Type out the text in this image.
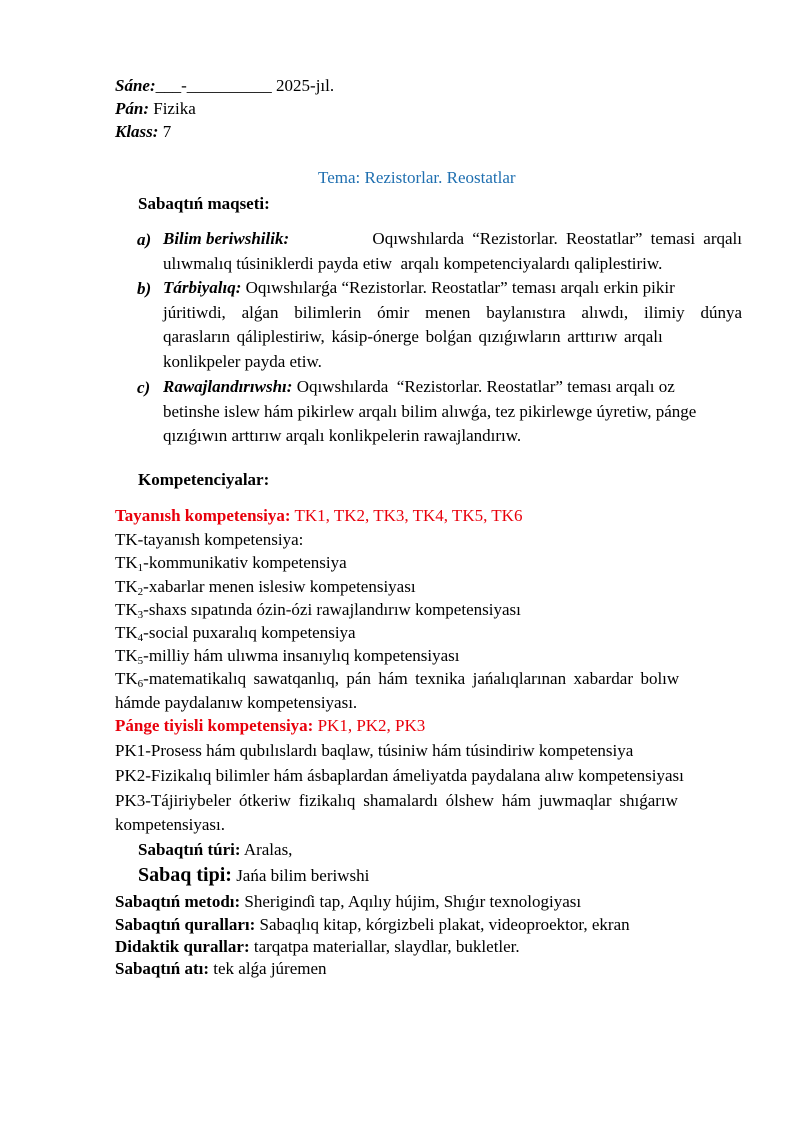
Sáne:___-__________ 2025-jıl.
Pán: Fizika
Klass: 7
Tema: Rezistorlar. Reostatlar
Sabaqtıń maqseti:
a) Bilim beriwshilik:	Oqıwshılarda “Rezistorlar. Reostatlar” temasi arqalı
ulıwmalıq túsiniklerdi payda etiw  arqalı kompetenciyalardı qaliplestiriw.
b) Tárbiyalıq: Oqıwshılarǵa “Rezistorlar. Reostatlar” teması arqalı erkin pikir
júritiwdi, alǵan bilimlerin ómir menen baylanıstıra alıwdı, ilimiy dúnya
qarasların qáliplestiriw, kásip-ónerge bolǵan qızıǵıwların arttırıw arqalı
konlikpeler payda etiw.
c) Rawajlandırıwshı: Oqıwshılarda  “Rezistorlar. Reostatlar” teması arqalı oz
betinshe islew hám pikirlew arqalı bilim alıwǵa, tez pikirlewge úyretiw, pánge
qızıǵıwın arttırıw arqalı konlikpelerin rawajlandırıw.
Kompetenciyalar:
Tayanısh kompetensiya: TK1, TK2, TK3, TK4, TK5, TK6
TK-tayanısh kompetensiya:
$TK_1$-kommunikativ kompetensiya
$TK_2$-xabarlar menen islesiw kompetensiyası
$TK_3$-shaxs sıpatında ózin-ózi rawajlandırıw kompetensiyası
$TK_4$-social puxaralıq kompetensiya
$TK_5$-milliy hám ulıwma insanıylıq kompetensiyası
$TK_6$-matematikalıq sawatqanlıq, pán hám texnika jańalıqlarınan xabardar bolıw
hámde paydalanıw kompetensiyası.
Pánge tiyisli kompetensiya: PK1, PK2, PK3
PK1-Prosess hám qubılıslardı baqlaw, túsiniw hám túsindiriw kompetensiya
PK2-Fizikalıq bilimler hám ásbaplardan ámeliyatda paydalana alıw kompetensiyası
PK3-Tájiriybeler ótkeriw fizikalıq shamalardı ólshew hám juwmaqlar shıǵarıw
kompetensiyası.
Sabaqtıń túri: Aralas,
Sabaq tipi: Jańa bilim beriwshi
Sabaqtıń metodı: Sheriginɗi tap, Aqılıy hújim, Shıǵır texnologiyası
Sabaqtıń quralları: Sabaqlıq kitap, kórgizbeli plakat, videoproektor, ekran
Didaktik qurallar: tarqatpa materiallar, slaydlar, bukletler.
Sabaqtıń atı: tek alǵa júremen
